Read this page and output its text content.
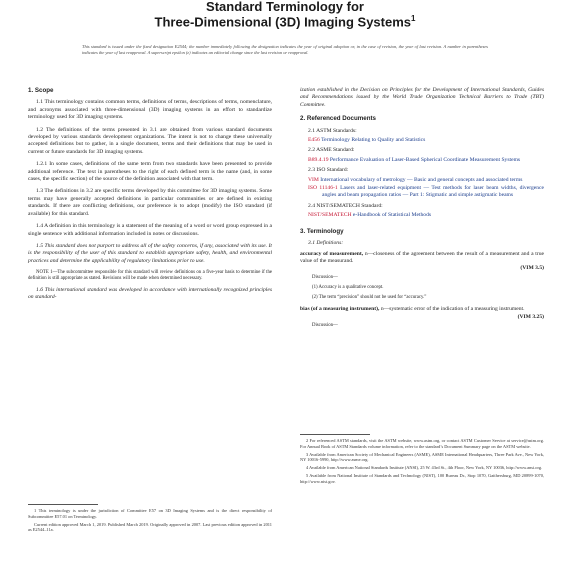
Standard Terminology for
Three-Dimensional (3D) Imaging Systems$^1$
This standard is issued under the fixed designation E2544; the number immediately following the designation indicates the year of original adoption or, in the case of revision, the year of last revision. A number in parentheses indicates the year of last reapproval. A superscript epsilon (ε) indicates an editorial change since the last revision or reapproval.
1. Scope

1.1 This terminology contains common terms, definitions of terms, descriptions of terms, nomenclature, and acronyms associated with three-dimensional (3D) imaging systems in an effort to standardize terminology used for 3D imaging systems.

1.2 The definitions of the terms presented in 3.1 are obtained from various standard documents developed by various standards development organizations. The intent is not to change these universally accepted definitions but to gather, in a single document, terms and their definitions that may be used in current or future standards for 3D imaging systems.

1.2.1 In some cases, definitions of the same term from two standards have been presented to provide additional reference. The text in parentheses to the right of each defined term is the name (and, in some cases, the specific section) of the source of the definition associated with that term.

1.3 The definitions in 3.2 are specific terms developed by this committee for 3D imaging systems. Some terms may have generally accepted definitions in particular communities or are defined in existing standards. If there are conflicting definitions, our preference is to adopt (modify) the ISO standard (if available) for this standard.

1.4 A definition in this terminology is a statement of the meaning of a word or word group expressed in a single sentence with additional information included in notes or discussions.

1.5 This standard does not purport to address all of the safety concerns, if any, associated with its use. It is the responsibility of the user of this standard to establish appropriate safety, health, and environmental practices and determine the applicability of regulatory limitations prior to use.

NOTE 1—The subcommittee responsible for this standard will review definitions on a five-year basis to determine if the definition is still appropriate as stated. Revisions will be made when determined necessary.

1.6 This international standard was developed in accordance with internationally recognized principles on standard-

1 This terminology is under the jurisdiction of Committee E57 on 3D Imaging Systems and is the direct responsibility of Subcommittee E57.01 on Terminology.

Current edition approved March 1, 2019. Published March 2019. Originally approved in 2007. Last previous edition approved in 2011 as E2544–11a.

ization established in the Decision on Principles for the Development of International Standards, Guides and Recommendations issued by the World Trade Organization Technical Barriers to Trade (TBT) Committee.

2. Referenced Documents
2.1 ASTM Standards:
E456 Terminology Relating to Quality and Statistics
2.2 ASME Standard:
B89.4.19 Performance Evaluation of Laser-Based Spherical Coordinate Measurement Systems
2.3 ISO Standard:
VIM International vocabulary of metrology — Basic and general concepts and associated terms
ISO 11146-1 Lasers and laser-related equipment — Test methods for laser beam widths, divergence angles and beam propagation ratios — Part 1: Stigmatic and simple astigmatic beams
2.4 NIST/SEMATECH Standard:
NIST/SEMATECH e-Handbook of Statistical Methods
3. Terminology
3.1 Definitions:

accuracy of measurement, n—closeness of the agreement between the result of a measurement and a true value of the measurand.

(VIM 3.5)
Discussion—
(1) Accuracy is a qualitative concept.
(2) The term “precision” should not be used for “accuracy.”

bias (of a measuring instrument), n—systematic error of the indication of a measuring instrument.

(VIM 3.25)
Discussion—

2 For referenced ASTM standards, visit the ASTM website, www.astm.org, or contact ASTM Customer Service at service@astm.org. For Annual Book of ASTM Standards volume information, refer to the standard’s Document Summary page on the ASTM website.

3 Available from American Society of Mechanical Engineers (ASME), ASME International Headquarters, Three Park Ave., New York, NY 10016-5990, http://www.asme.org.

4 Available from American National Standards Institute (ANSI), 25 W. 43rd St., 4th Floor, New York, NY 10036, http://www.ansi.org.

5 Available from National Institute of Standards and Technology (NIST), 100 Bureau Dr., Stop 1070, Gaithersburg, MD 20899-1070, http://www.nist.gov.
